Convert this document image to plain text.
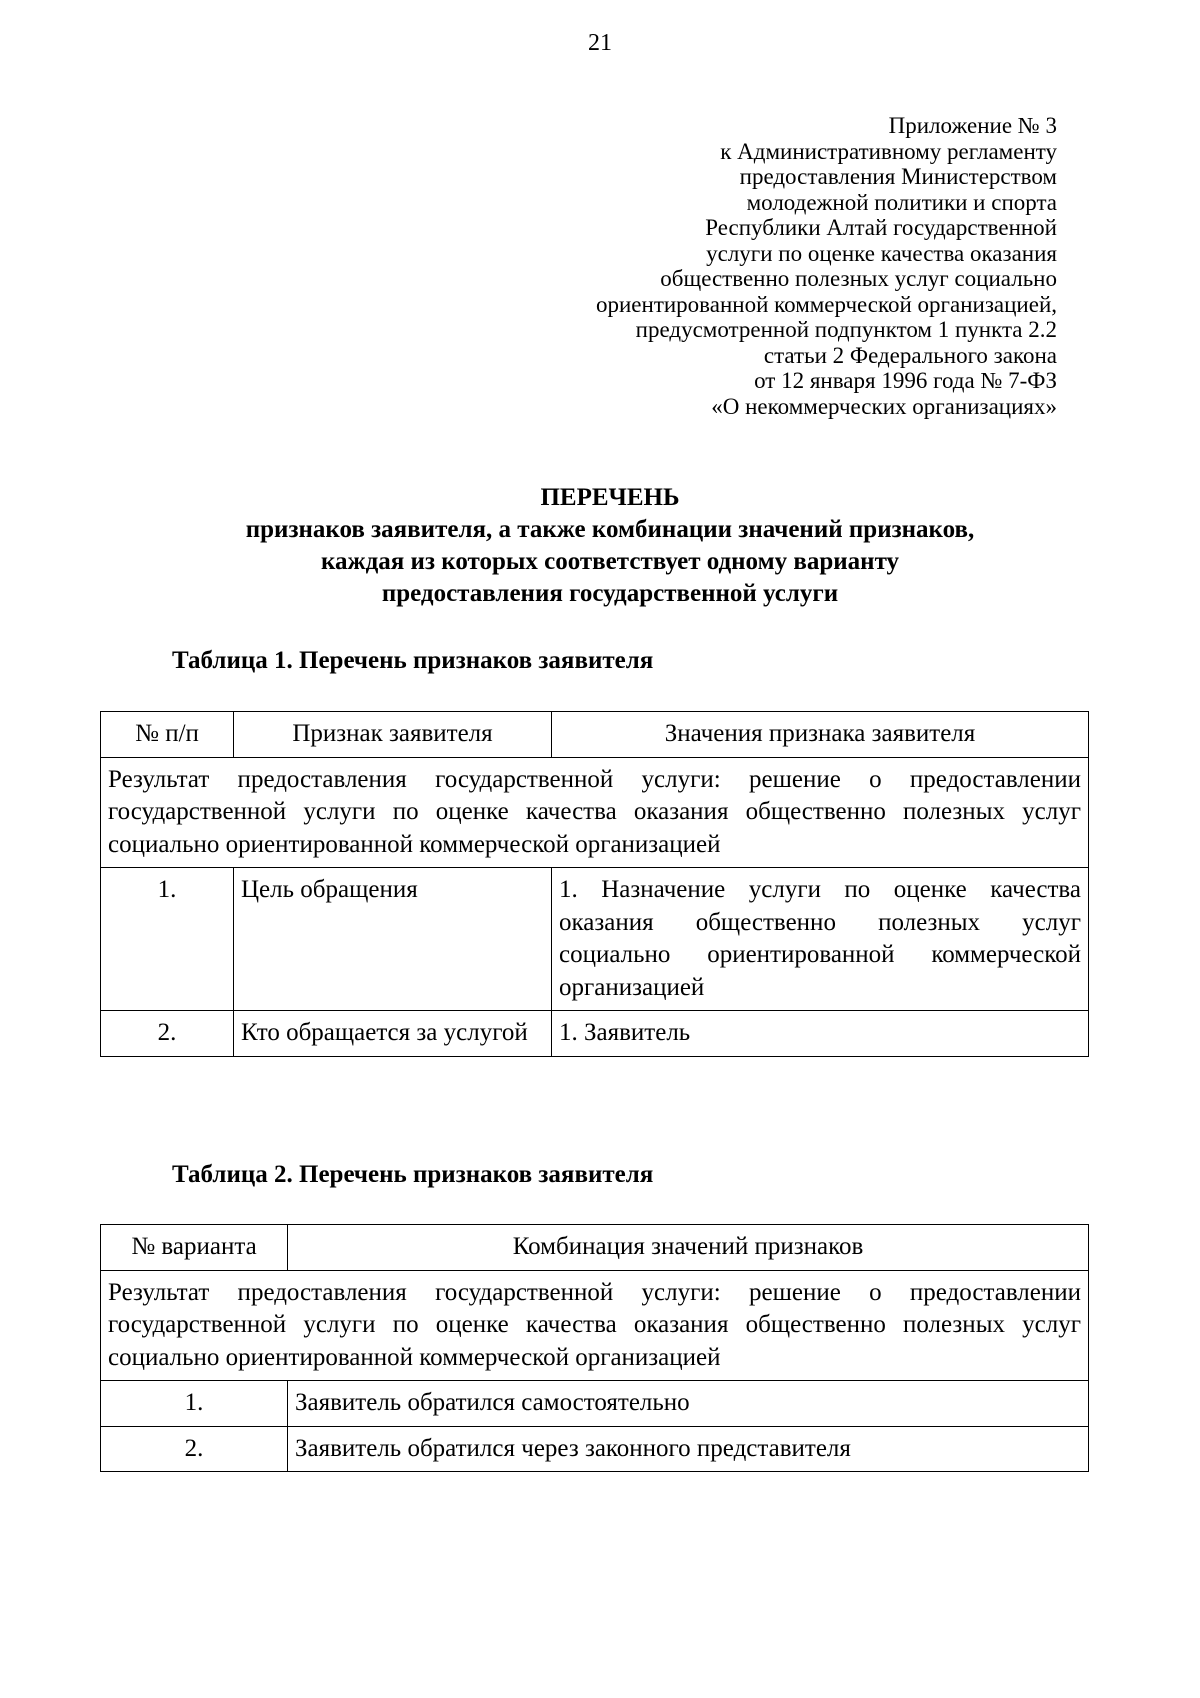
21
Приложение № 3
к Административному регламенту
предоставления Министерством
молодежной политики и спорта
Республики Алтай государственной
услуги по оценке качества оказания
общественно полезных услуг социально
ориентированной коммерческой организацией,
предусмотренной подпунктом 1 пункта 2.2
статьи 2 Федерального закона
от 12 января 1996 года № 7-ФЗ
«О некоммерческих организациях»
ПЕРЕЧЕНЬ
признаков заявителя, а также комбинации значений признаков,
каждая из которых соответствует одному варианту
предоставления государственной услуги
Таблица 1. Перечень признаков заявителя
№ п/п	Признак заявителя	Значения признака заявителя
Результат предоставления государственной услуги: решение о предоставлении государственной услуги по оценке качества оказания общественно полезных услуг социально ориентированной коммерческой организацией		
1.	Цель обращения	1. Назначение услуги по оценке качества оказания общественно полезных услуг социально ориентированной коммерческой организацией
2.	Кто обращается за услугой	1. Заявитель
Таблица 2. Перечень признаков заявителя
№ варианта	Комбинация значений признаков
Результат предоставления государственной услуги: решение о предоставлении государственной услуги по оценке качества оказания общественно полезных услуг социально ориентированной коммерческой организацией	
1.	Заявитель обратился самостоятельно
2.	Заявитель обратился через законного представителя
